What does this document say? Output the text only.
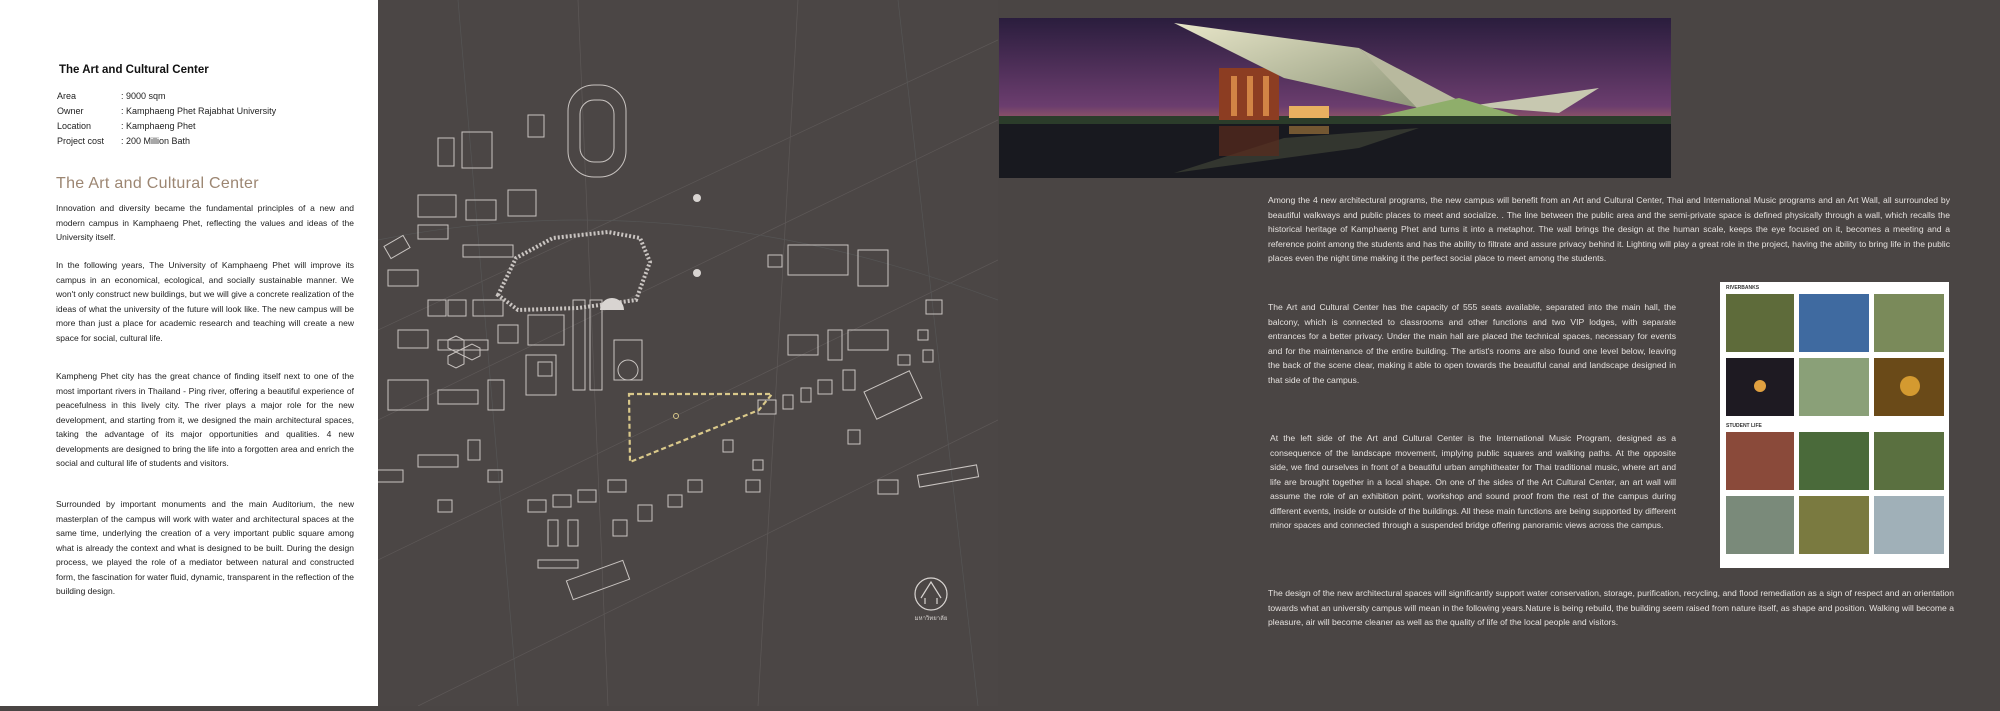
The Art and Cultural Center
Area	: 9000 sqm
Owner	: Kamphaeng Phet Rajabhat University
Location	: Kamphaeng Phet
Project cost	: 200 Million Bath
The Art and Cultural Center

Innovation and diversity became the fundamental principles of a new and modern campus in Kamphaeng Phet, reflecting the values and ideas of the University itself.

In the following years, The University of Kamphaeng Phet will improve its campus in an economical, ecological, and socially sustainable manner. We won't only construct new buildings, but we will give a concrete realization of the ideas of what the university of the future will look like. The new campus will be more than just a place for academic research and teaching will create a new space for social, cultural life.

Kampheng Phet city has the great chance of finding itself next to one of the most important rivers in Thailand - Ping river, offering a beautiful experience of peacefulness in this lively city. The river plays a major role for the new development, and starting from it, we designed the main architectural spaces, taking the advantage of its major opportunities and qualities. 4 new developments are designed to bring the life into a forgotten area and enrich the social and cultural life of students and visitors.

Surrounded by important monuments and the main Auditorium, the new masterplan of the campus will work with water and architectural spaces at the same time, underlying the creation of a very important public square among what is already the context and what is designed to be built. During the design process, we played the role of a mediator between natural and constructed form, the fascination for water fluid, dynamic, transparent in the reflection of the building design.

มหาวิทยาลัย

Among the 4 new architectural programs, the new campus will benefit from an Art and Cultural Center, Thai and International Music programs and an Art Wall, all surrounded by beautiful walkways and public places to meet and socialize. . The line between the public area and the semi-private space is defined physically through a wall, which recalls the historical heritage of Kamphaeng Phet and turns it into a metaphor. The wall brings the design at the human scale, keeps the eye focused on it, becomes a meeting and a reference point among the students and has the ability to filtrate and assure privacy behind it. Lighting will play a great role in the project, having the ability to bring life in the public places even the night time making it the perfect social place to meet among the students.

The Art and Cultural Center has the capacity of 555 seats available, separated into the main hall, the balcony, which is connected to classrooms and other functions and two VIP lodges, with separate entrances for a better privacy. Under the main hall are placed the technical spaces, necessary for events and for the maintenance of the entire building. The artist's rooms are also found one level below, leaving the back of the scene clear, making it able to open towards the beautiful canal and landscape designed in that side of the campus.

At the left side of the Art and Cultural Center is the International Music Program, designed as a consequence of the landscape movement, implying public squares and walking paths. At the opposite side, we find ourselves in front of a beautiful urban amphitheater for Thai traditional music, where art and life are brought together in a local shape. On one of the sides of the Art Cultural Center, an art wall will assume the role of an exhibition point, workshop and sound proof from the rest of the campus during different events, inside or outside of the buildings. All these main functions are being supported by different minor spaces and connected through a suspended bridge offering panoramic views across the campus.

The design of the new architectural spaces will significantly support water conservation, storage, purification, recycling, and flood remediation as a sign of respect and an orientation towards what an university campus will mean in the following years.Nature is being rebuild, the building seem raised from nature itself, as shape and position. Walking will become a pleasure, air will become cleaner as well as the quality of life of the local people and visitors.

RIVERBANKS
STUDENT LIFE
